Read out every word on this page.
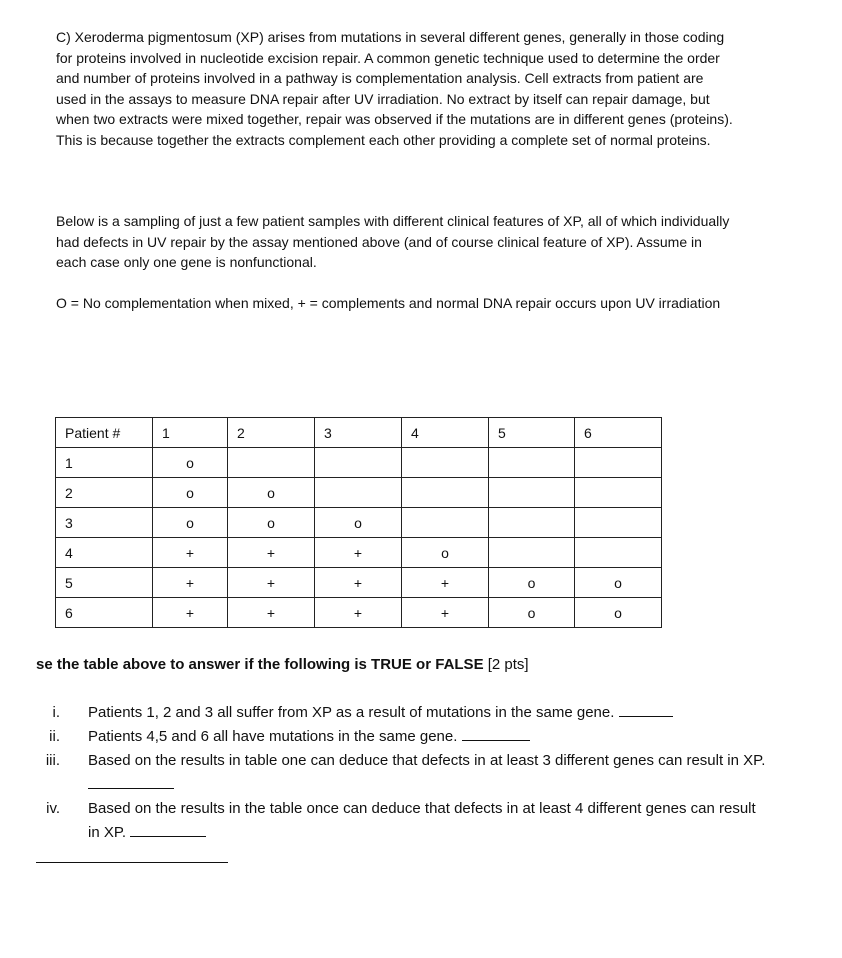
C) Xeroderma pigmentosum (XP) arises from mutations in several different genes, generally in those coding for proteins involved in nucleotide excision repair. A common genetic technique used to determine the order and number of proteins involved in a pathway is complementation analysis. Cell extracts from patient are used in the assays to measure DNA repair after UV irradiation. No extract by itself can repair damage, but when two extracts were mixed together, repair was observed if the mutations are in different genes (proteins). This is because together the extracts complement each other providing a complete set of normal proteins.
Below is a sampling of just a few patient samples with different clinical features of XP, all of which individually had defects in UV repair by the assay mentioned above (and of course clinical feature of XP). Assume in each case only one gene is nonfunctional.
O = No complementation when mixed, + = complements and normal DNA repair occurs upon UV irradiation
Patient #	1	2	3	4	5	6
1	o					
2	o	o				
3	o	o	o			
4	+	+	+	o		
5	+	+	+	+	o	o
6	+	+	+	+	o	o
se the table above to answer if the following is TRUE or FALSE [2 pts]
i. Patients 1, 2 and 3 all suffer from XP as a result of mutations in the same gene.
ii. Patients 4,5 and 6 all have mutations in the same gene.
iii. Based on the results in table one can deduce that defects in at least 3 different genes can result in XP.
iv. Based on the results in the table once can deduce that defects in at least 4 different genes can result in XP.
